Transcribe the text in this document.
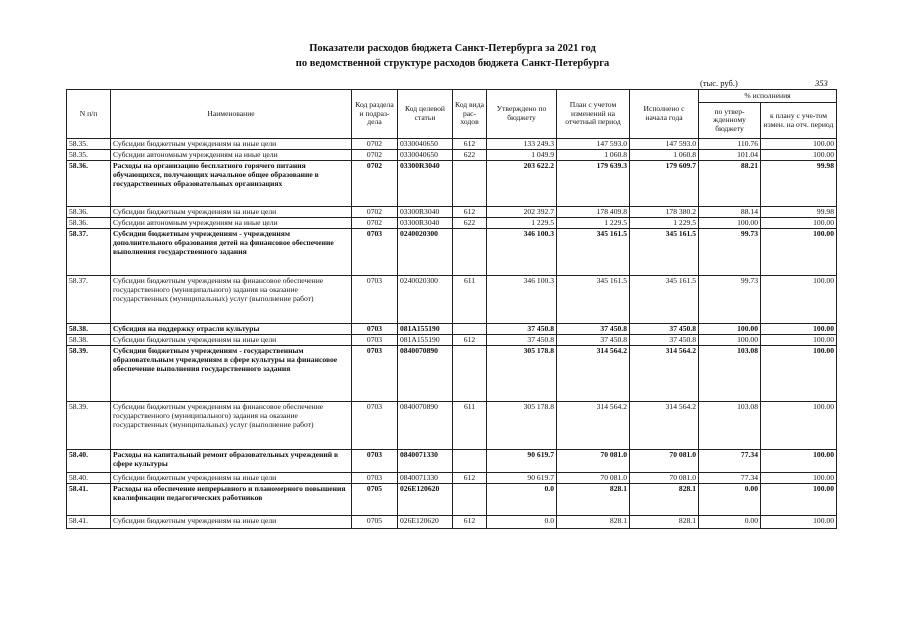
Показатели расходов бюджета Санкт-Петербурга за 2021 год
по ведомственной структуре расходов бюджета Санкт-Петербурга
(тыс. руб.)	353
N п/п	Наименование	Код раздела и подраз-дела	Код целевой статьи	Код вида рас-ходов	Утверждено по бюджету	План с учетом изменений на отчетный период	Исполнено с начала года	% исполнения	
								по утвер-жденному бюджету	к плану с уче-том измен. на отч. период
58.35.	Субсидии бюджетным учреждениям на иные цели	0702	0330040650	612	133 249.3	147 593.0	147 593.0	110.76	100.00
58.35.	Субсидии автономным учреждениям на иные цели	0702	0330040650	622	1 049.9	1 060.8	1 060.8	101.04	100.00
58.36.	Расходы на организацию бесплатного горячего питания обучающихся, получающих начальное общее образование в государственных образовательных организациях	0702	03300R3040		203 622.2	179 639.3	179 609.7	88.21	99.98
58.36.	Субсидии бюджетным учреждениям на иные цели	0702	03300R3040	612	202 392.7	178 409.8	178 380.2	88.14	99.98
58.36.	Субсидии автономным учреждениям на иные цели	0702	03300R3040	622	1 229.5	1 229.5	1 229.5	100.00	100.00
58.37.	Субсидии бюджетным учреждениям - учреждениям дополнительного образования детей на финансовое обеспечение выполнения государственного задания	0703	0240020300		346 100.3	345 161.5	345 161.5	99.73	100.00
58.37.	Субсидии бюджетным учреждениям на финансовое обеспечение государственного (муниципального) задания на оказание государственных (муниципальных) услуг (выполнение работ)	0703	0240020300	611	346 100.3	345 161.5	345 161.5	99.73	100.00
58.38.	Субсидия на поддержку отрасли культуры	0703	081A155190		37 450.8	37 450.8	37 450.8	100.00	100.00
58.38.	Субсидии бюджетным учреждениям на иные цели	0703	081A155190	612	37 450.8	37 450.8	37 450.8	100.00	100.00
58.39.	Субсидии бюджетным учреждениям - государственным образовательным учреждениям в сфере культуры на финансовое обеспечение выполнения государственного задания	0703	0840070890		305 178.8	314 564.2	314 564.2	103.08	100.00
58.39.	Субсидии бюджетным учреждениям на финансовое обеспечение государственного (муниципального) задания на оказание государственных (муниципальных) услуг (выполнение работ)	0703	0840070890	611	305 178.8	314 564.2	314 564.2	103.08	100.00
58.40.	Расходы на капитальный ремонт образовательных учреждений в сфере культуры	0703	0840071330		90 619.7	70 081.0	70 081.0	77.34	100.00
58.40.	Субсидии бюджетным учреждениям на иные цели	0703	0840071330	612	90 619.7	70 081.0	70 081.0	77.34	100.00
58.41.	Расходы на обеспечение непрерывного и планомерного повышения квалификации педагогических работников	0705	026E120620		0.0	828.1	828.1	0.00	100.00
58.41.	Субсидии бюджетным учреждениям на иные цели	0705	026E120620	612	0.0	828.1	828.1	0.00	100.00
